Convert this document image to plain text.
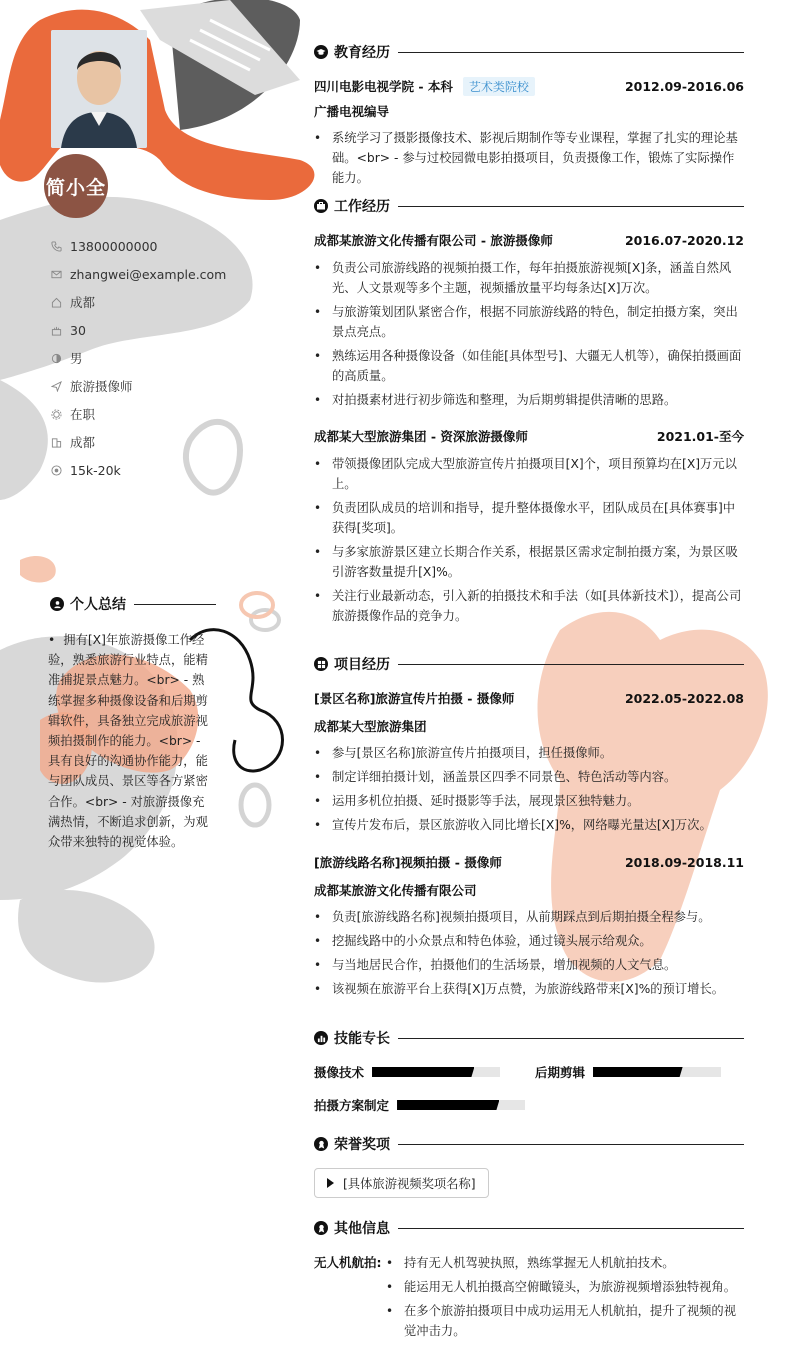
简小全
13800000000
zhangwei@example.com
成都
30
男
旅游摄像师
在职
成都
15k-20k
个人总结
• 拥有[X]年旅游摄像工作经验，熟悉旅游行业特点，能精准捕捉景点魅力。<br> - 熟练掌握多种摄像设备和后期剪辑软件，具备独立完成旅游视频拍摄制作的能力。<br> - 具有良好的沟通协作能力，能与团队成员、景区等各方紧密合作。<br> - 对旅游摄像充满热情，不断追求创新，为观众带来独特的视觉体验。
教育经历
四川电影电视学院 - 本科 艺术类院校	2012.09-2016.06
广播电视编导
• 系统学习了摄影摄像技术、影视后期制作等专业课程，掌握了扎实的理论基础。<br> - 参与过校园微电影拍摄项目，负责摄像工作，锻炼了实际操作能力。
工作经历
成都某旅游文化传播有限公司 - 旅游摄像师	2016.07-2020.12
• 负责公司旅游线路的视频拍摄工作，每年拍摄旅游视频[X]条，涵盖自然风光、人文景观等多个主题，视频播放量平均每条达[X]万次。
• 与旅游策划团队紧密合作，根据不同旅游线路的特色，制定拍摄方案，突出景点亮点。
• 熟练运用各种摄像设备（如佳能[具体型号]、大疆无人机等），确保拍摄画面的高质量。
• 对拍摄素材进行初步筛选和整理，为后期剪辑提供清晰的思路。
成都某大型旅游集团 - 资深旅游摄像师	2021.01-至今
• 带领摄像团队完成大型旅游宣传片拍摄项目[X]个，项目预算均在[X]万元以上。
• 负责团队成员的培训和指导，提升整体摄像水平，团队成员在[具体赛事]中获得[奖项]。
• 与多家旅游景区建立长期合作关系，根据景区需求定制拍摄方案，为景区吸引游客数量提升[X]%。
• 关注行业最新动态，引入新的拍摄技术和手法（如[具体新技术]），提高公司旅游摄像作品的竞争力。
项目经历
[景区名称]旅游宣传片拍摄 - 摄像师	2022.05-2022.08
成都某大型旅游集团
• 参与[景区名称]旅游宣传片拍摄项目，担任摄像师。
• 制定详细拍摄计划，涵盖景区四季不同景色、特色活动等内容。
• 运用多机位拍摄、延时摄影等手法，展现景区独特魅力。
• 宣传片发布后，景区旅游收入同比增长[X]%，网络曝光量达[X]万次。
[旅游线路名称]视频拍摄 - 摄像师	2018.09-2018.11
成都某旅游文化传播有限公司
• 负责[旅游线路名称]视频拍摄项目，从前期踩点到后期拍摄全程参与。
• 挖掘线路中的小众景点和特色体验，通过镜头展示给观众。
• 与当地居民合作，拍摄他们的生活场景，增加视频的人文气息。
• 该视频在旅游平台上获得[X]万点赞，为旅游线路带来[X]%的预订增长。
技能专长
摄像技术	后期剪辑
拍摄方案制定
荣誉奖项
[具体旅游视频奖项名称]
其他信息
无人机航拍:
•	持有无人机驾驶执照，熟练掌握无人机航拍技术。
• 能运用无人机拍摄高空俯瞰镜头，为旅游视频增添独特视角。
• 在多个旅游拍摄项目中成功运用无人机航拍，提升了视频的视觉冲击力。
